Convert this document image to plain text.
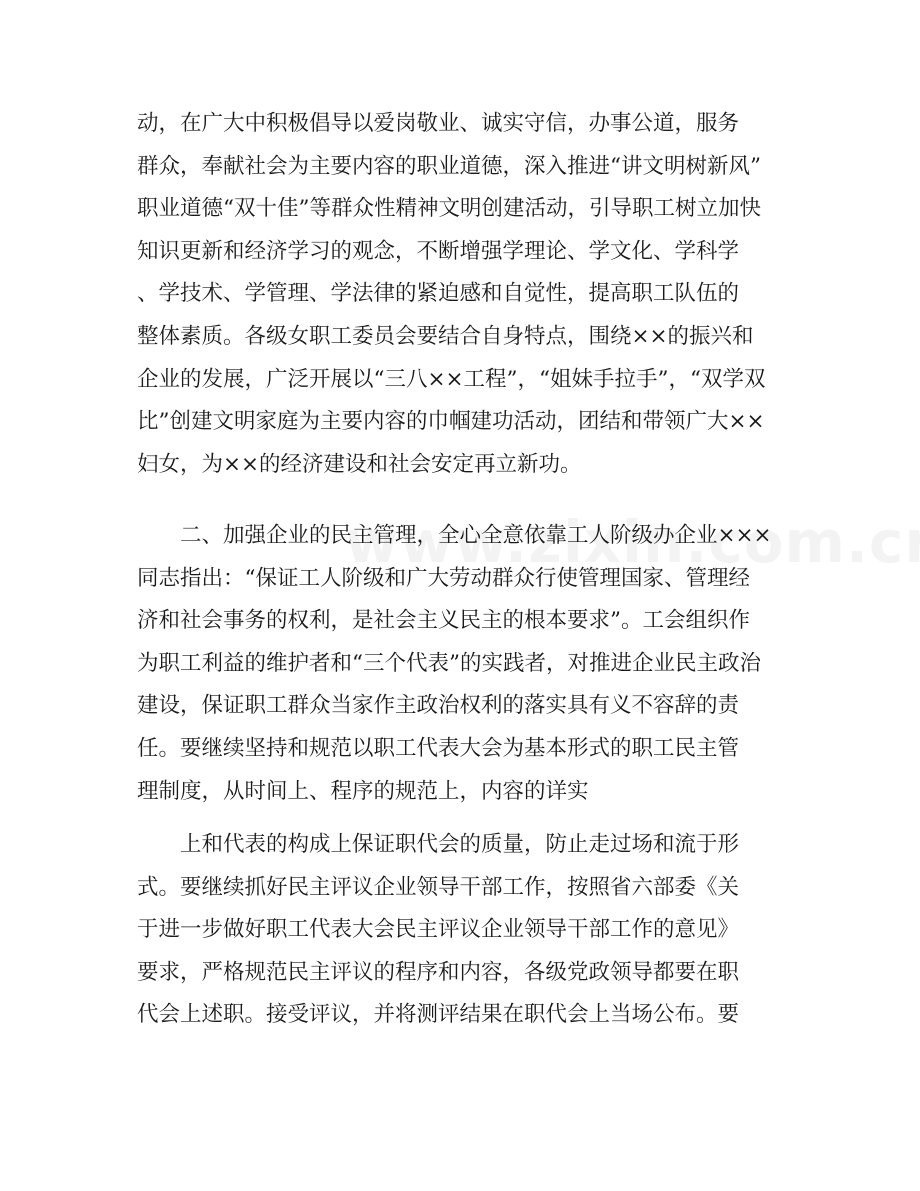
动，在广大中积极倡导以爱岗敬业、诚实守信，办事公道，服务
群众，奉献社会为主要内容的职业道德，深入推进“讲文明树新风”
职业道德“双十佳”等群众性精神文明创建活动，引导职工树立加快
知识更新和经济学习的观念，不断增强学理论、学文化、学科学
、学技术、学管理、学法律的紧迫感和自觉性，提高职工队伍的
整体素质。各级女职工委员会要结合自身特点，围绕××的振兴和
企业的发展，广泛开展以“三八××工程”，“姐妹手拉手”，“双学双
比”创建文明家庭为主要内容的巾帼建功活动，团结和带领广大××
妇女，为××的经济建设和社会安定再立新功。
　　二、加强企业的民主管理，全心全意依靠工人阶级办企业×××
同志指出：“保证工人阶级和广大劳动群众行使管理国家、管理经
济和社会事务的权利，是社会主义民主的根本要求”。工会组织作
为职工利益的维护者和“三个代表”的实践者，对推进企业民主政治
建设，保证职工群众当家作主政治权利的落实具有义不容辞的责
任。要继续坚持和规范以职工代表大会为基本形式的职工民主管
理制度，从时间上、程序的规范上，内容的详实
　　上和代表的构成上保证职代会的质量，防止走过场和流于形
式。要继续抓好民主评议企业领导干部工作，按照省六部委《关
于进一步做好职工代表大会民主评议企业领导干部工作的意见》
要求，严格规范民主评议的程序和内容，各级党政领导都要在职
代会上述职。接受评议，并将测评结果在职代会上当场公布。要
